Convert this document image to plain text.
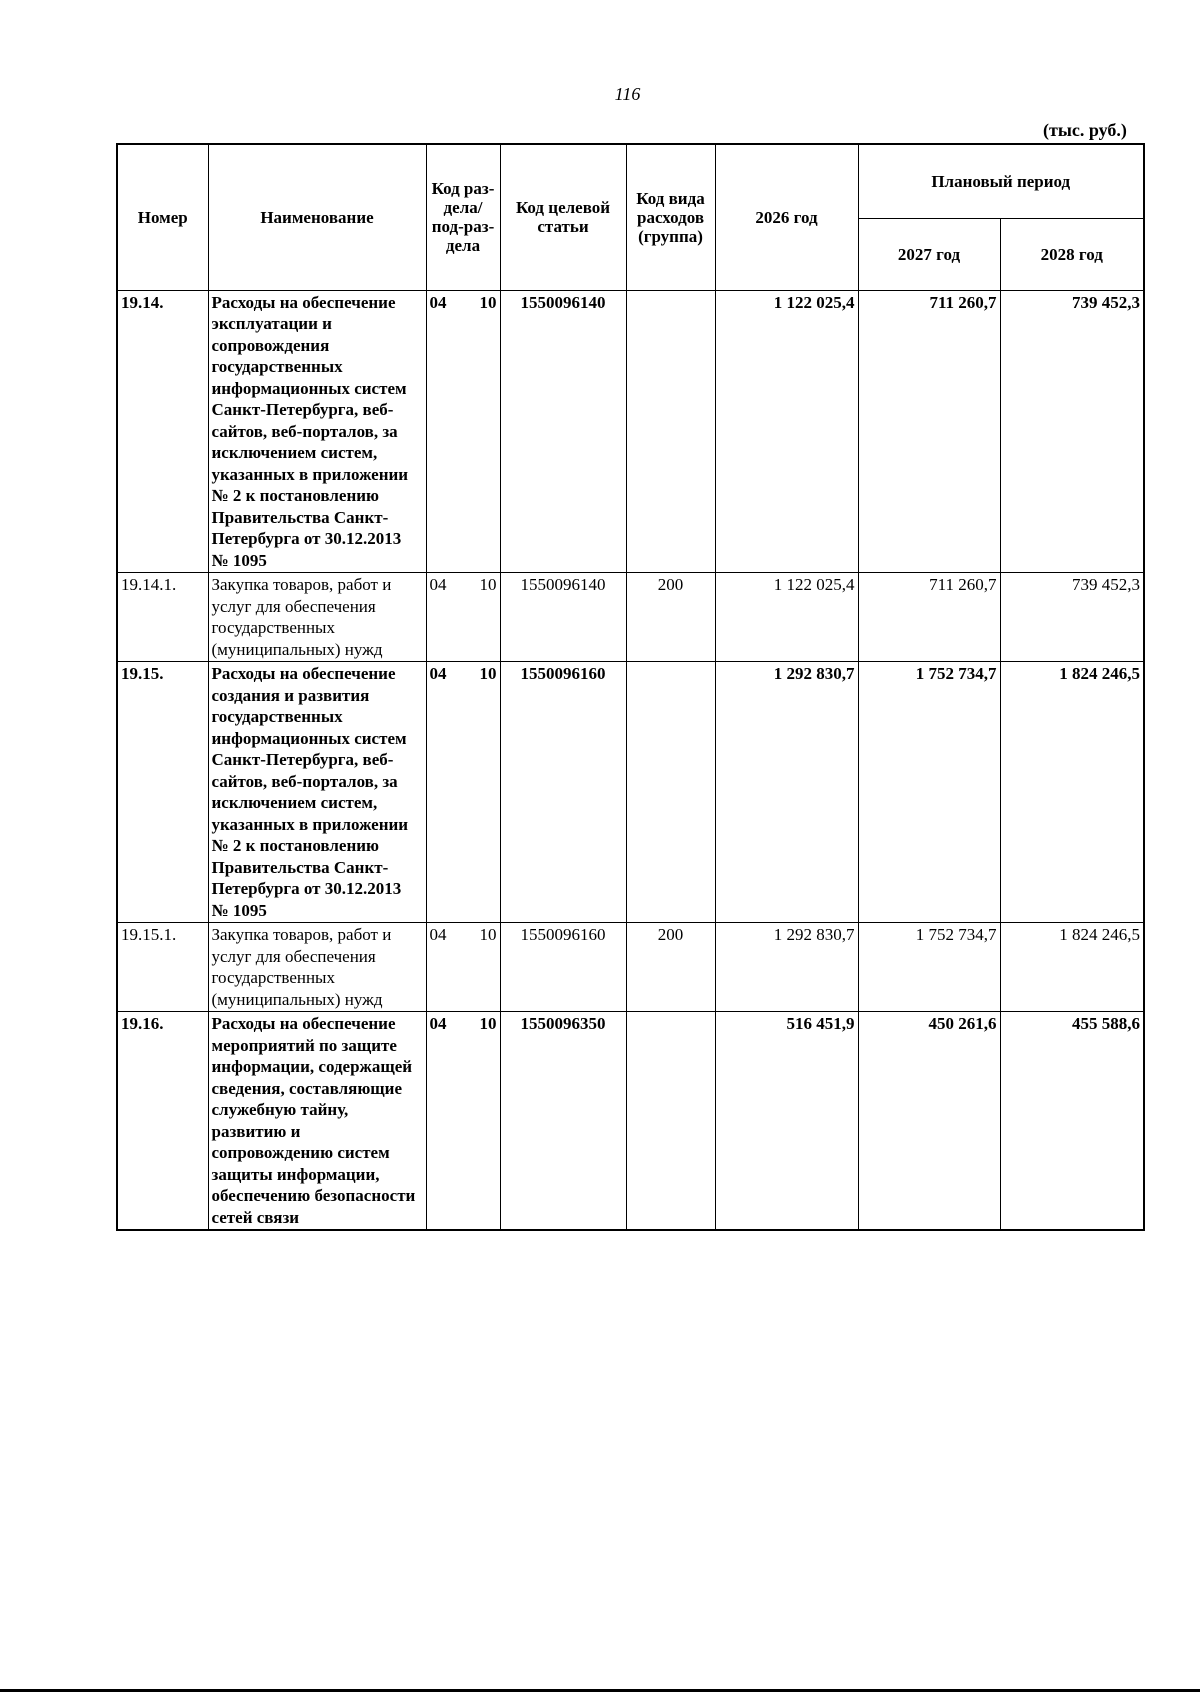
116
(тыс. руб.)
Номер	Наименование	Код раз-дела/ под-раз-дела	Код целевой статьи	Код вида расходов (группа)	2026 год	Плановый период	
						2027 год	2028 год
19.14.	Расходы на обеспечение эксплуатации и сопровождения государственных информационных систем Санкт-Петербурга, веб-сайтов, веб-порталов, за исключением систем, указанных в приложении № 2 к постановлению Правительства Санкт-Петербурга от 30.12.2013 № 1095	04 10	1550096140		1 122 025,4	711 260,7	739 452,3
19.14.1.	Закупка товаров, работ и услуг для обеспечения государственных (муниципальных) нужд	04 10	1550096140	200	1 122 025,4	711 260,7	739 452,3
19.15.	Расходы на обеспечение создания и развития государственных информационных систем Санкт-Петербурга, веб-сайтов, веб-порталов, за исключением систем, указанных в приложении № 2 к постановлению Правительства Санкт-Петербурга от 30.12.2013 № 1095	04 10	1550096160		1 292 830,7	1 752 734,7	1 824 246,5
19.15.1.	Закупка товаров, работ и услуг для обеспечения государственных (муниципальных) нужд	04 10	1550096160	200	1 292 830,7	1 752 734,7	1 824 246,5
19.16.	Расходы на обеспечение мероприятий по защите информации, содержащей сведения, составляющие служебную тайну, развитию и сопровождению систем защиты информации, обеспечению безопасности сетей связи	04 10	1550096350		516 451,9	450 261,6	455 588,6
